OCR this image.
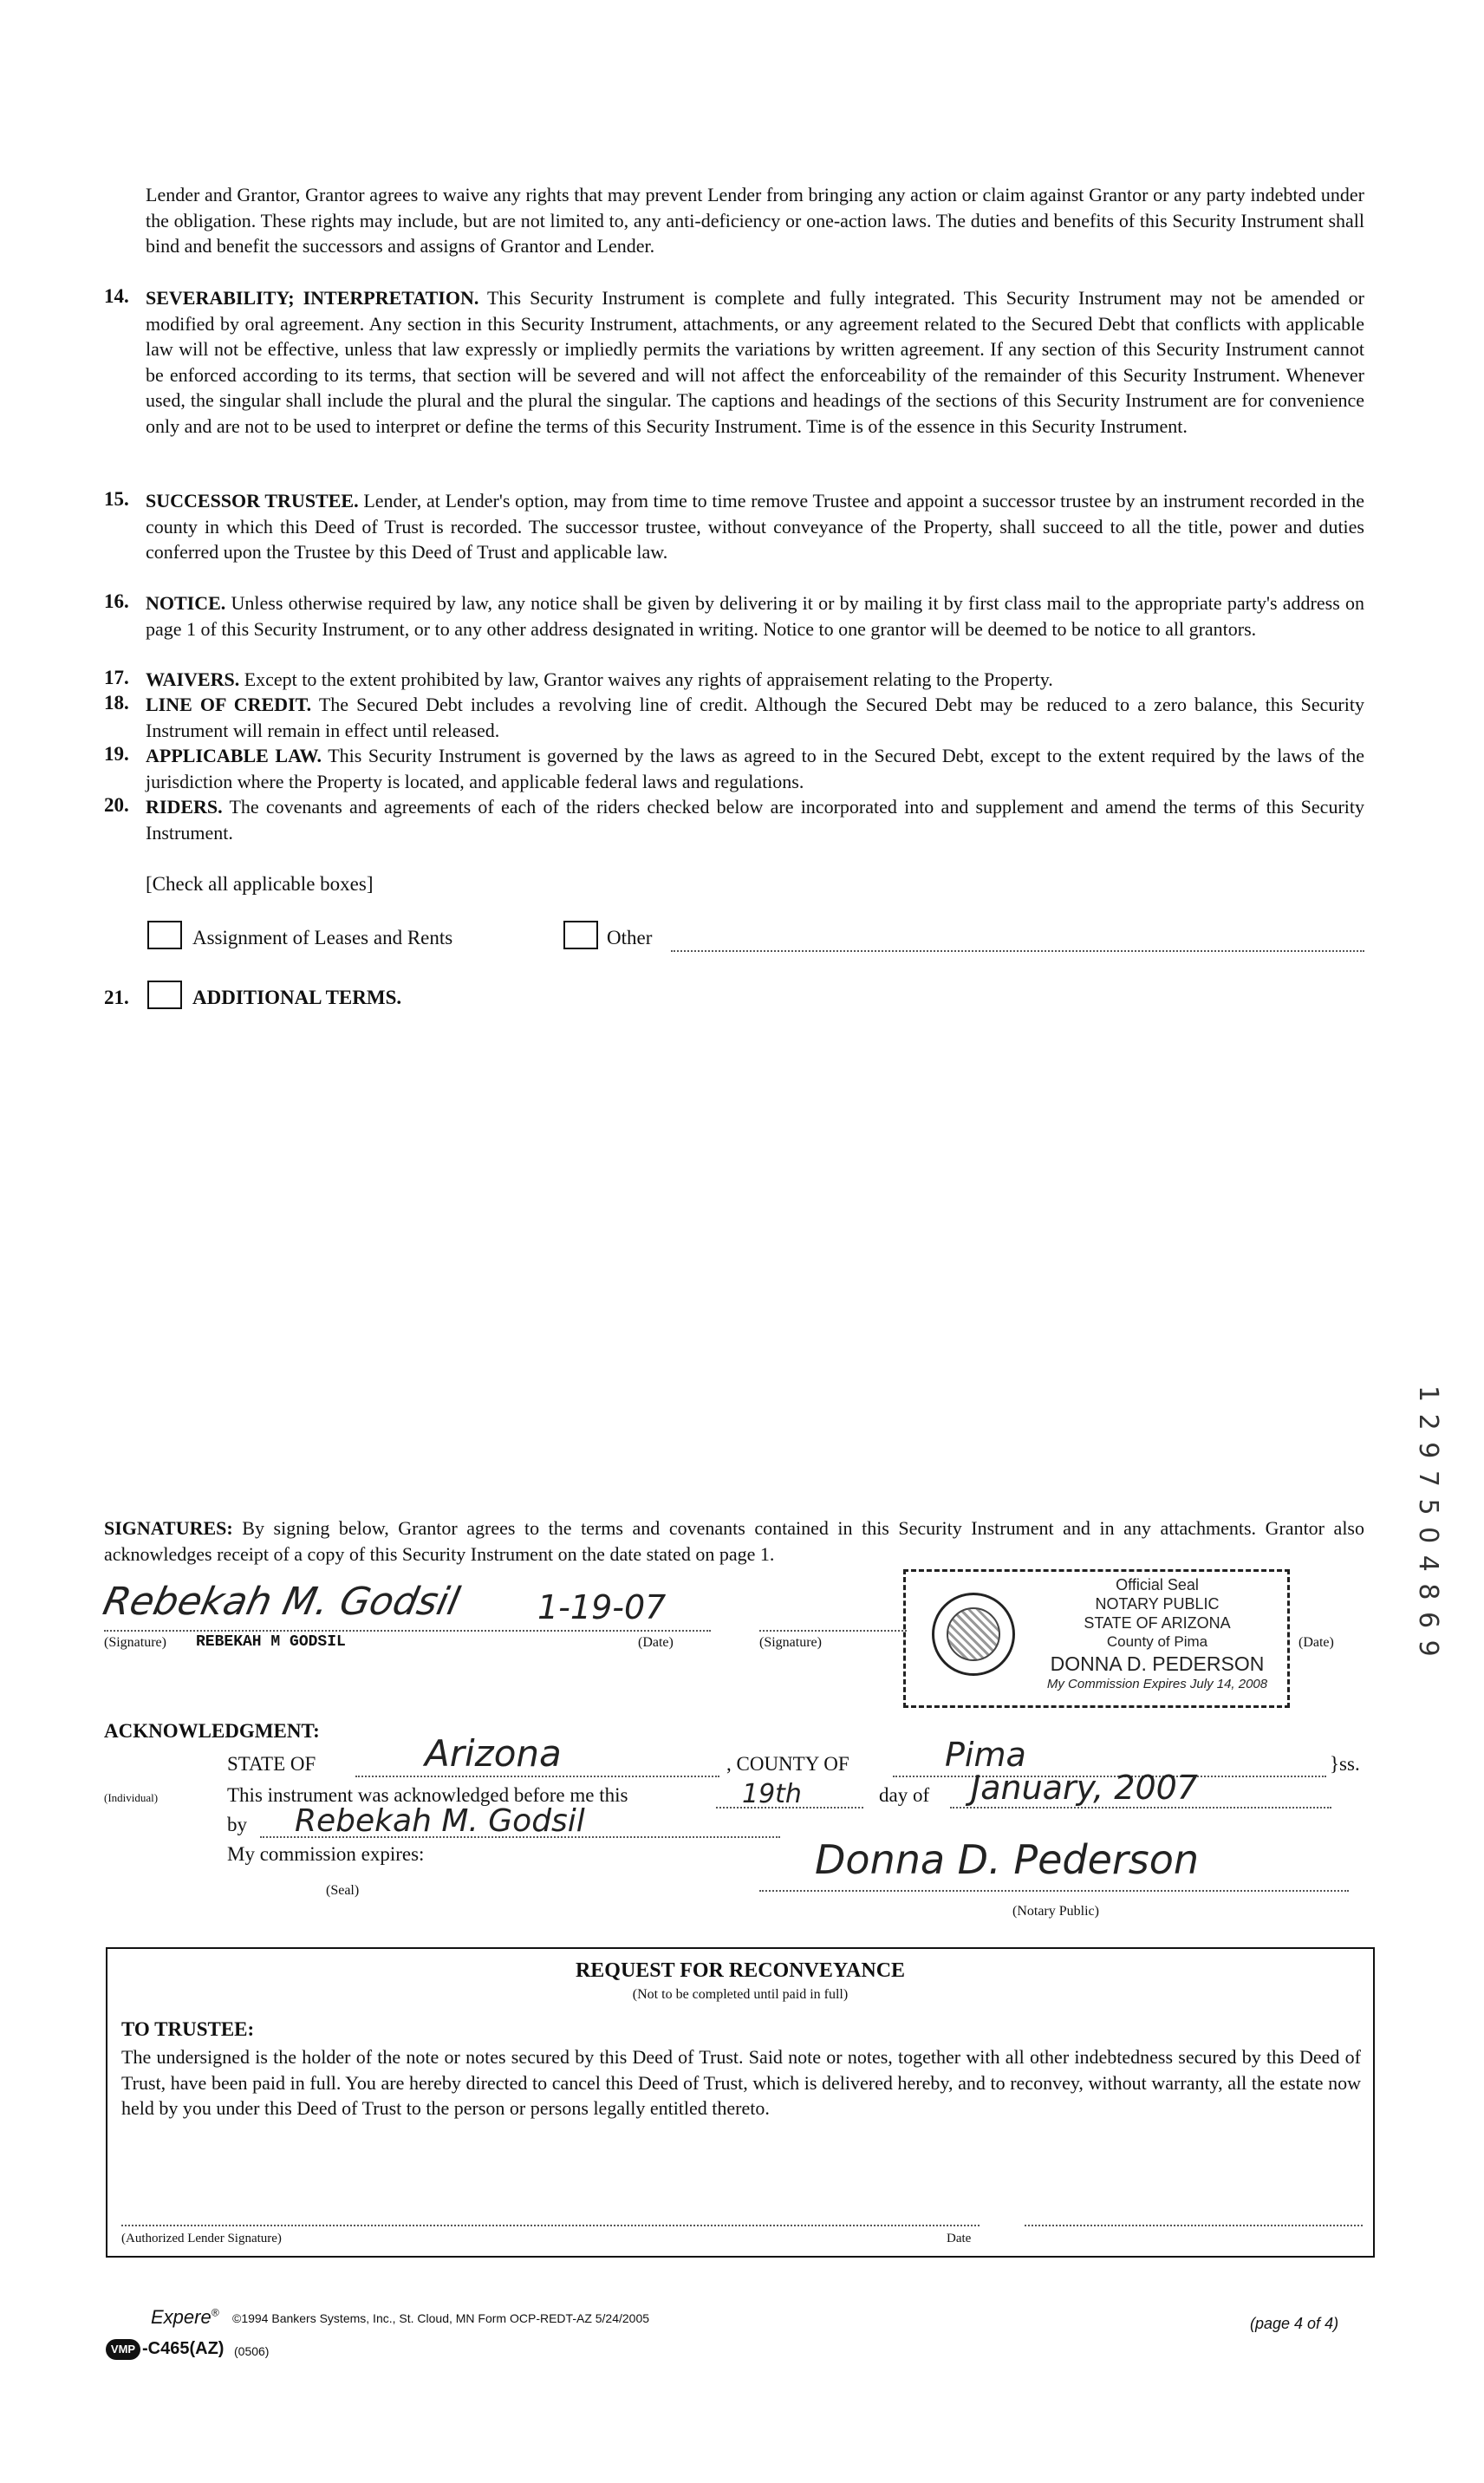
Lender and Grantor, Grantor agrees to waive any rights that may prevent Lender from bringing any action or claim against Grantor or any party indebted under the obligation. These rights may include, but are not limited to, any anti-deficiency or one-action laws. The duties and benefits of this Security Instrument shall bind and benefit the successors and assigns of Grantor and Lender.
14. SEVERABILITY; INTERPRETATION. This Security Instrument is complete and fully integrated. This Security Instrument may not be amended or modified by oral agreement. Any section in this Security Instrument, attachments, or any agreement related to the Secured Debt that conflicts with applicable law will not be effective, unless that law expressly or impliedly permits the variations by written agreement. If any section of this Security Instrument cannot be enforced according to its terms, that section will be severed and will not affect the enforceability of the remainder of this Security Instrument. Whenever used, the singular shall include the plural and the plural the singular. The captions and headings of the sections of this Security Instrument are for convenience only and are not to be used to interpret or define the terms of this Security Instrument. Time is of the essence in this Security Instrument.
15. SUCCESSOR TRUSTEE. Lender, at Lender's option, may from time to time remove Trustee and appoint a successor trustee by an instrument recorded in the county in which this Deed of Trust is recorded. The successor trustee, without conveyance of the Property, shall succeed to all the title, power and duties conferred upon the Trustee by this Deed of Trust and applicable law.
16. NOTICE. Unless otherwise required by law, any notice shall be given by delivering it or by mailing it by first class mail to the appropriate party's address on page 1 of this Security Instrument, or to any other address designated in writing. Notice to one grantor will be deemed to be notice to all grantors.
17. WAIVERS. Except to the extent prohibited by law, Grantor waives any rights of appraisement relating to the Property.
18. LINE OF CREDIT. The Secured Debt includes a revolving line of credit. Although the Secured Debt may be reduced to a zero balance, this Security Instrument will remain in effect until released.
19. APPLICABLE LAW. This Security Instrument is governed by the laws as agreed to in the Secured Debt, except to the extent required by the laws of the jurisdiction where the Property is located, and applicable federal laws and regulations.
20. RIDERS. The covenants and agreements of each of the riders checked below are incorporated into and supplement and amend the terms of this Security Instrument.
[Check all applicable boxes]
Assignment of Leases and Rents	Other
21.	ADDITIONAL TERMS.
1 2 9 7 5 0 4 8 6 9
SIGNATURES: By signing below, Grantor agrees to the terms and covenants contained in this Security Instrument and in any attachments. Grantor also acknowledges receipt of a copy of this Security Instrument on the date stated on page 1.
Rebekah M. Godsil 1-19-07
(Signature) REBEKAH M GODSIL	(Date)	(Signature)	(Date)
Official Seal
NOTARY PUBLIC
STATE OF ARIZONA
County of Pima
DONNA D. PEDERSON
My Commission Expires July 14, 2008
ACKNOWLEDGMENT:
STATE OF	Arizona	, COUNTY OF	Pima	}ss.
(Individual)	This instrument was acknowledged before me this	19th	day of January, 2007
by Rebekah M. Godsil
My commission expires:
(Seal)
Donna D. Pederson
(Notary Public)
REQUEST FOR RECONVEYANCE
(Not to be completed until paid in full)
TO TRUSTEE:
The undersigned is the holder of the note or notes secured by this Deed of Trust. Said note or notes, together with all other indebtedness secured by this Deed of Trust, have been paid in full. You are hereby directed to cancel this Deed of Trust, which is delivered hereby, and to reconvey, without warranty, all the estate now held by you under this Deed of Trust to the person or persons legally entitled thereto.
(Authorized Lender Signature)	Date
Expere® ©1994 Bankers Systems, Inc., St. Cloud, MN Form OCP-REDT-AZ 5/24/2005
VMP -C465(AZ) (0506)
(page 4 of 4)
